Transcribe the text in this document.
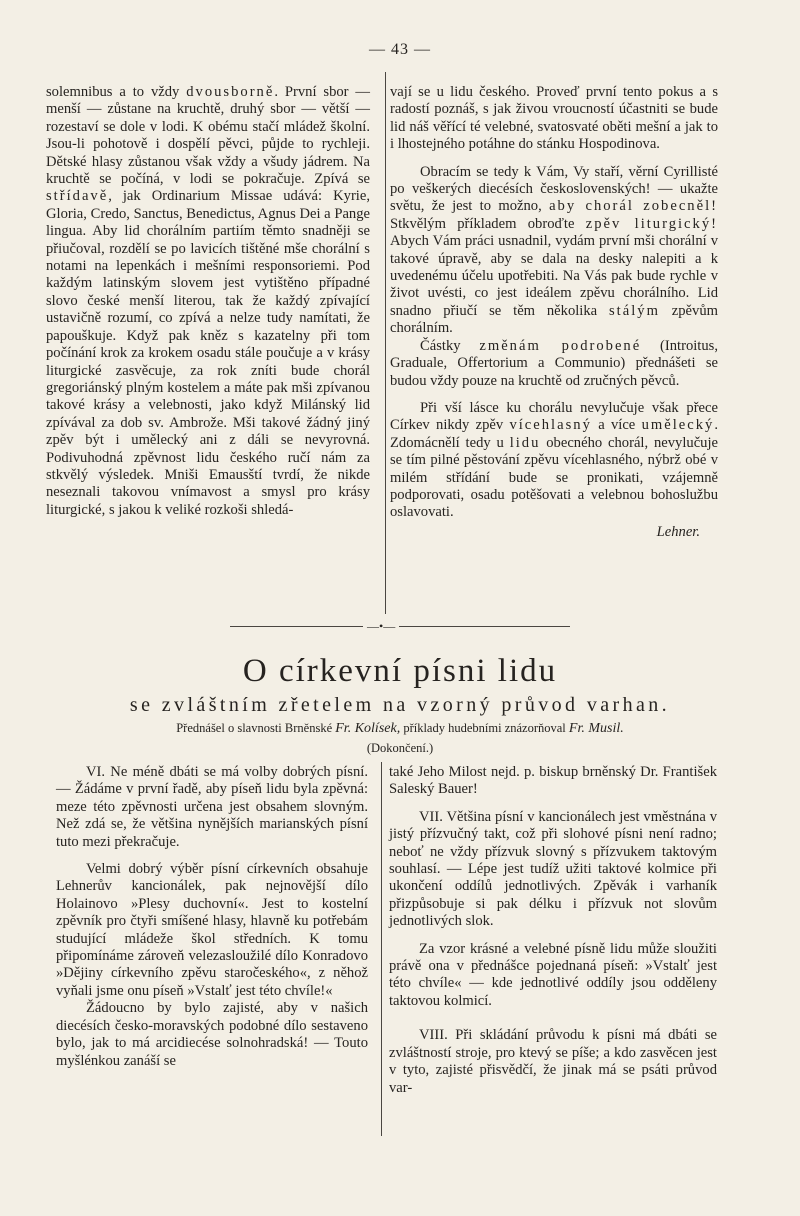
— 43 —

solemnibus a to vždy dvousborně. První sbor — menší — zůstane na kruchtě, druhý sbor — větší — rozestaví se dole v lodi. K obému stačí mládež školní. Jsou-li pohotově i dospělí pěvci, půjde to rychleji. Dětské hlasy zůstanou však vždy a všudy jádrem. Na kruchtě se počíná, v lodi se pokračuje. Zpívá se střídavě, jak Ordinarium Missae udává: Kyrie, Gloria, Credo, Sanctus, Benedictus, Agnus Dei a Pange lingua. Aby lid chorálním partiím těmto snadněji se přiučoval, rozdělí se po lavicích tištěné mše chorální s notami na lepenkách i mešními responsoriemi. Pod každým latinským slovem jest vytištěno případné slovo české menší literou, tak že každý zpívající ustavičně rozumí, co zpívá a nelze tudy namítati, že papouškuje. Když pak kněz s kazatelny při tom počínání krok za krokem osadu stále poučuje a v krásy liturgické zasvěcuje, za rok zníti bude chorál gregoriánský plným kostelem a máte pak mši zpívanou takové krásy a velebnosti, jako když Milánský lid zpívával za dob sv. Ambrože. Mši takové žádný jiný zpěv být i umělecký ani z dáli se nevyrovná. Podivuhodná zpěvnost lidu českého ručí nám za stkvělý výsledek. Mniši Emausští tvrdí, že nikde neseznali takovou vnímavost a smysl pro krásy liturgické, s jakou k veliké rozkoši shledá-

vají se u lidu českého. Proveď první tento pokus a s radostí poznáš, s jak živou vroucností účastniti se bude lid náš věřící té velebné, svatosvaté oběti mešní a jak to i lhostejného potáhne do stánku Hospodinova.

Obracím se tedy k Vám, Vy staří, věrní Cyrillisté po veškerých diecésích československých! — ukažte světu, že jest to možno, aby chorál zobecněl! Stkvělým příkladem obroďte zpěv liturgický! Abych Vám práci usnadnil, vydám první mši chorální v takové úpravě, aby se dala na desky nalepiti a k uvedenému účelu upotřebiti. Na Vás pak bude rychle v život uvésti, co jest ideálem zpěvu chorálního. Lid snadno přiučí se těm několika stálým zpěvům chorálním.

Částky změnám podrobené (Introitus, Graduale, Offertorium a Communio) přednášeti se budou vždy pouze na kruchtě od zručných pěvců.

Při vší lásce ku chorálu nevylučuje však přece Církev nikdy zpěv vícehlasný a více umělecký. Zdomácnělí tedy u lidu obecného chorál, nevylučuje se tím pilné pěstování zpěvu vícehlasného, nýbrž obé v milém střídání bude se pronikati, vzájemně podporovati, osadu potěšovati a velebnou bohoslužbu oslavovati.

Lehner.
—•—
O církevní písni lidu
se zvláštním zřetelem na vzorný průvod varhan.
Přednášel o slavnosti Brněnské Fr. Kolísek, příklady hudebními znázorňoval Fr. Musil.
(Dokončení.)

VI. Ne méně dbáti se má volby dobrých písní. — Žádáme v první řadě, aby píseň lidu byla zpěvná: meze této zpěvnosti určena jest obsahem slovným. Než zdá se, že většina nynějších marianských písní tuto mezi překračuje.

Velmi dobrý výběr písní církevních obsahuje Lehnerův kancionálek, pak nejnovější dílo Holainovo »Plesy duchovní«. Jest to kostelní zpěvník pro čtyři smíšené hlasy, hlavně ku potřebám studující mládeže škol středních. K tomu připomínáme zároveň velezasloužilé dílo Konradovo »Dějiny církevního zpěvu staročeského«, z něhož vyňali jsme onu píseň »Vstalť jest této chvíle!«

Žádoucno by bylo zajisté, aby v našich diecésích česko-moravských podobné dílo sestaveno bylo, jak to má arcidiecése solnohradská! — Touto myšlénkou zanáší se

také Jeho Milost nejd. p. biskup brněnský Dr. František Saleský Bauer!

VII. Většina písní v kancionálech jest vměstnána v jistý přízvučný takt, což při slohové písni není radno; neboť ne vždy přízvuk slovný s přízvukem taktovým souhlasí. — Lépe jest tudíž užiti taktové kolmice při ukončení oddílů jednotlivých. Zpěvák i varhaník přizpůsobuje si pak délku i přízvuk not slovům jednotlivých slok.

Za vzor krásné a velebné písně lidu může sloužiti právě ona v přednášce pojednaná píseň: »Vstalť jest této chvíle« — kde jednotlivé oddíly jsou odděleny taktovou kolmicí.

VIII. Při skládání průvodu k písni má dbáti se zvláštností stroje, pro ktevý se píše; a kdo zasvěcen jest v tyto, zajisté přisvědčí, že jinak má se psáti průvod var-
